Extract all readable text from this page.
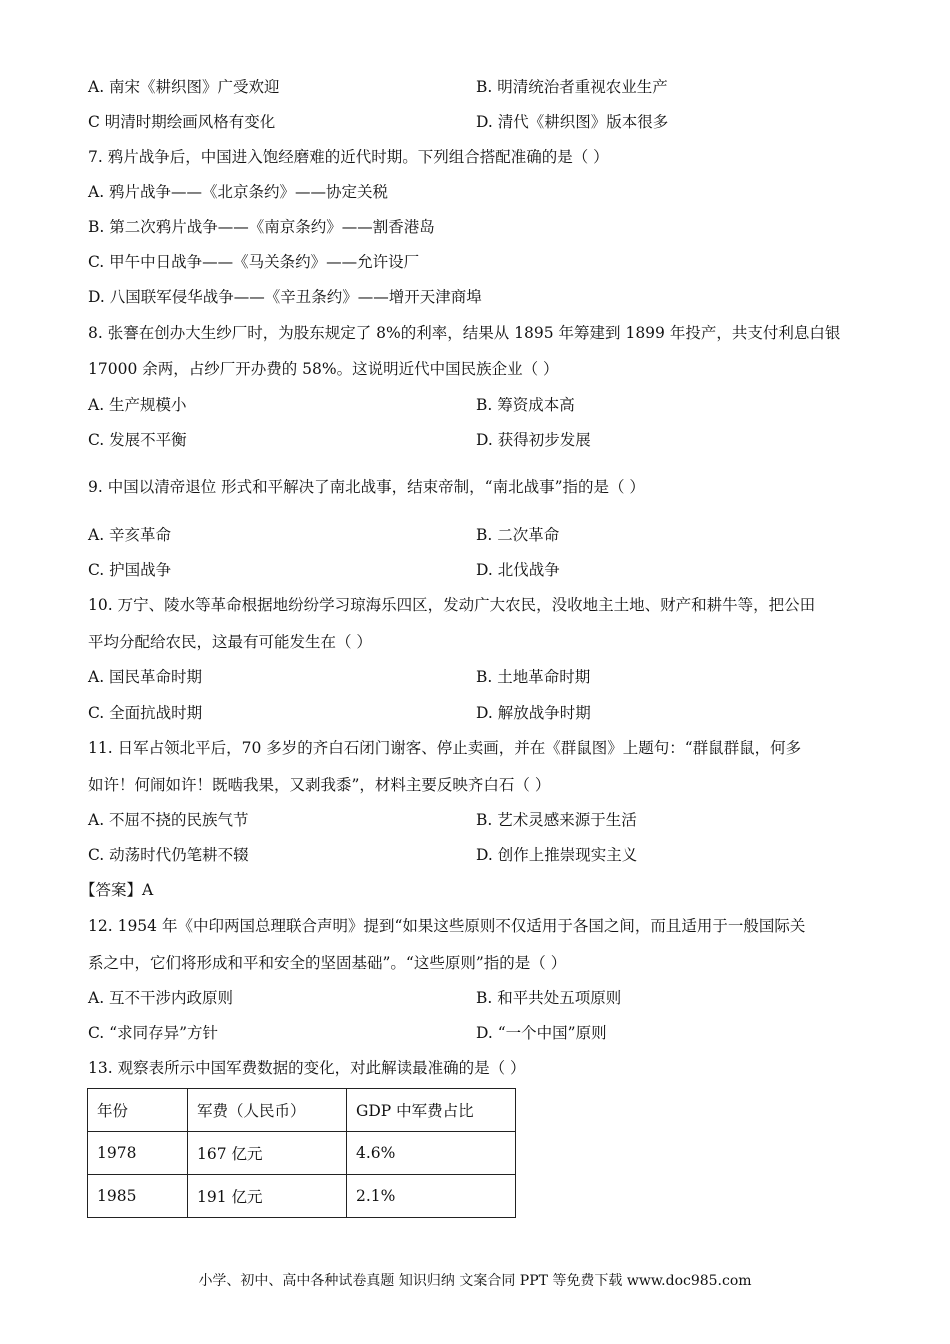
A. 南宋《耕织图》广受欢迎	B. 明清统治者重视农业生产
C 明清时期绘画风格有变化	D. 清代《耕织图》版本很多
7. 鸦片战争后，中国进入饱经磨难的近代时期。下列组合搭配准确的是（ ）
A. 鸦片战争——《北京条约》——协定关税
B. 第二次鸦片战争——《南京条约》——割香港岛
C. 甲午中日战争——《马关条约》——允许设厂
D. 八国联军侵华战争——《辛丑条约》——增开天津商埠
8. 张謇在创办大生纱厂时，为股东规定了 8%的利率，结果从 1895 年筹建到 1899 年投产，共支付利息白银
17000 余两，占纱厂开办费的 58%。这说明近代中国民族企业（ ）
A. 生产规模小	B. 筹资成本高
C. 发展不平衡	D. 获得初步发展
9. 中国以清帝退位 形式和平解决了南北战事，结束帝制，“南北战事”指的是（ ）
A. 辛亥革命	B. 二次革命
C. 护国战争	D. 北伐战争
10. 万宁、陵水等革命根据地纷纷学习琼海乐四区，发动广大农民，没收地主土地、财产和耕牛等，把公田
平均分配给农民，这最有可能发生在（ ）
A. 国民革命时期	B. 土地革命时期
C. 全面抗战时期	D. 解放战争时期
11. 日军占领北平后，70 多岁的齐白石闭门谢客、停止卖画，并在《群鼠图》上题句：“群鼠群鼠，何多
如许！何闹如许！既啮我果，又剥我黍”，材料主要反映齐白石（ ）
A. 不屈不挠的民族气节	B. 艺术灵感来源于生活
C. 动荡时代仍笔耕不辍	D. 创作上推崇现实主义
【答案】A
12. 1954 年《中印两国总理联合声明》提到“如果这些原则不仅适用于各国之间，而且适用于一般国际关
系之中，它们将形成和平和安全的坚固基础”。“这些原则”指的是（ ）
A. 互不干涉内政原则	B. 和平共处五项原则
C. “求同存异”方针	D. “一个中国”原则
13. 观察表所示中国军费数据的变化，对此解读最准确的是（ ）
年份	军费（人民币）	GDP 中军费占比
1978	167 亿元	4.6%
1985	191 亿元	2.1%
小学、初中、高中各种试卷真题 知识归纳 文案合同 PPT 等免费下载 www.doc985.com
